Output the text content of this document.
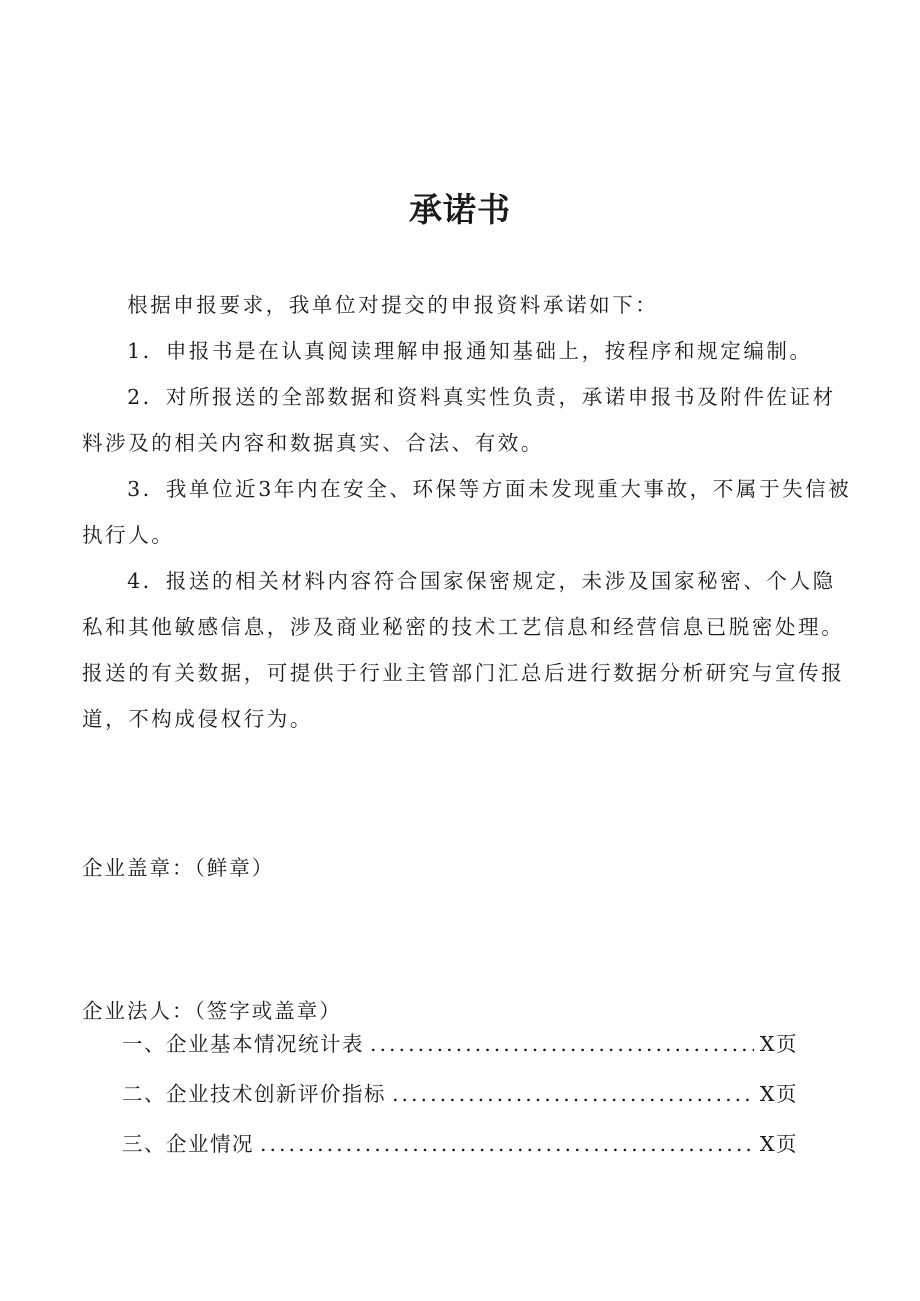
承诺书

根据申报要求，我单位对提交的申报资料承诺如下：

1．申报书是在认真阅读理解申报通知基础上，按程序和规定编制。

2．对所报送的全部数据和资料真实性负责，承诺申报书及附件佐证材料涉及的相关内容和数据真实、合法、有效。

3．我单位近3年内在安全、环保等方面未发现重大事故，不属于失信被执行人。

4．报送的相关材料内容符合国家保密规定，未涉及国家秘密、个人隐私和其他敏感信息，涉及商业秘密的技术工艺信息和经营信息已脱密处理。报送的有关数据，可提供于行业主管部门汇总后进行数据分析研究与宣传报道，不构成侵权行为。

企业盖章：（鲜章）
企业法人：（签字或盖章）
一、企业基本情况统计表 .....	X页
二、企业技术创新评价指标 .....	X页
三、企业情况 .....	X页
